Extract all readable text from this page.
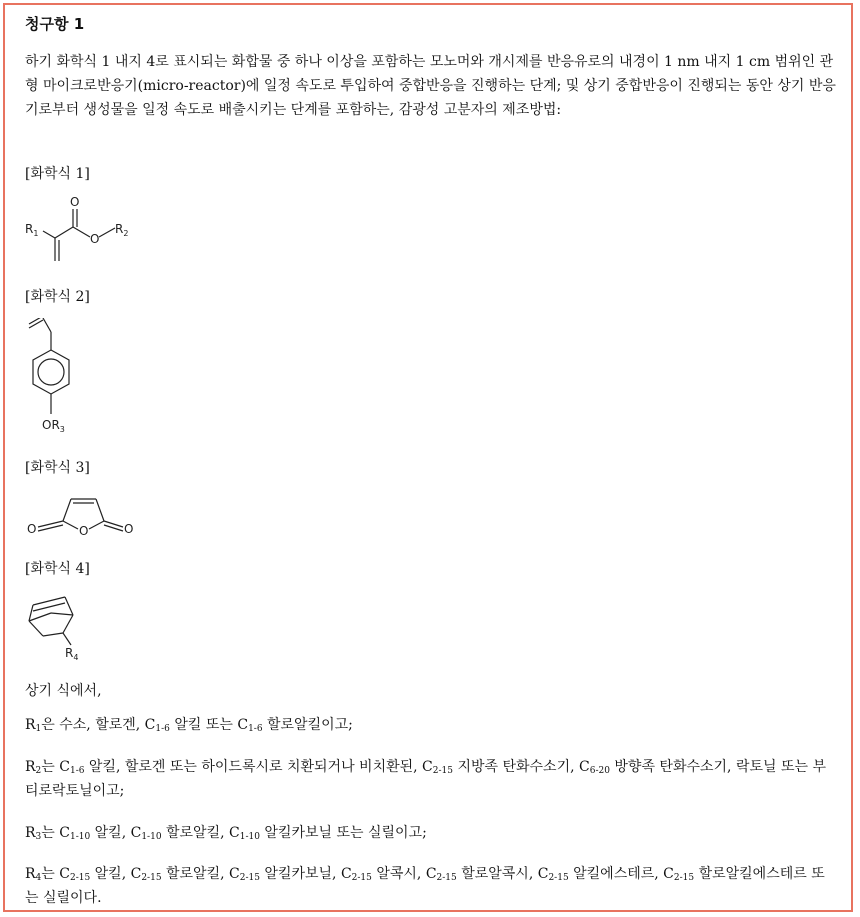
청구항 1
하기 화학식 1 내지 4로 표시되는 화합물 중 하나 이상을 포함하는 모노머와 개시제를 반응유로의 내경이 1 nm 내지 1 cm 범위인 관형 마이크로반응기(micro-reactor)에 일정 속도로 투입하여 중합반응을 진행하는 단계; 및 상기 중합반응이 진행되는 동안 상기 반응기로부터 생성물을 일정 속도로 배출시키는 단계를 포함하는, 감광성 고분자의 제조방법:
[화학식 1]
$R_1$
O
O
$R_2$
[화학식 2]
$OR_3$
[화학식 3]
O	O	O
[화학식 4]
$R_4$
상기 식에서,
$R_1$은 수소, 할로겐, $C_{1-6}$ 알킬 또는 $C_{1-6}$ 할로알킬이고;
$R_2$는 $C_{1-6}$ 알킬, 할로겐 또는 하이드록시로 치환되거나 비치환된, $C_{2-15}$ 지방족 탄화수소기, $C_{6-20}$ 방향족 탄화수소기, 락토닐 또는 부티로락토닐이고;
$R_3$는 $C_{1-10}$ 알킬, $C_{1-10}$ 할로알킬, $C_{1-10}$ 알킬카보닐 또는 실릴이고;
$R_4$는 $C_{2-15}$ 알킬, $C_{2-15}$ 할로알킬, $C_{2-15}$ 알킬카보닐, $C_{2-15}$ 알콕시, $C_{2-15}$ 할로알콕시, $C_{2-15}$ 알킬에스테르, $C_{2-15}$ 할로알킬에스테르 또는 실릴이다.
